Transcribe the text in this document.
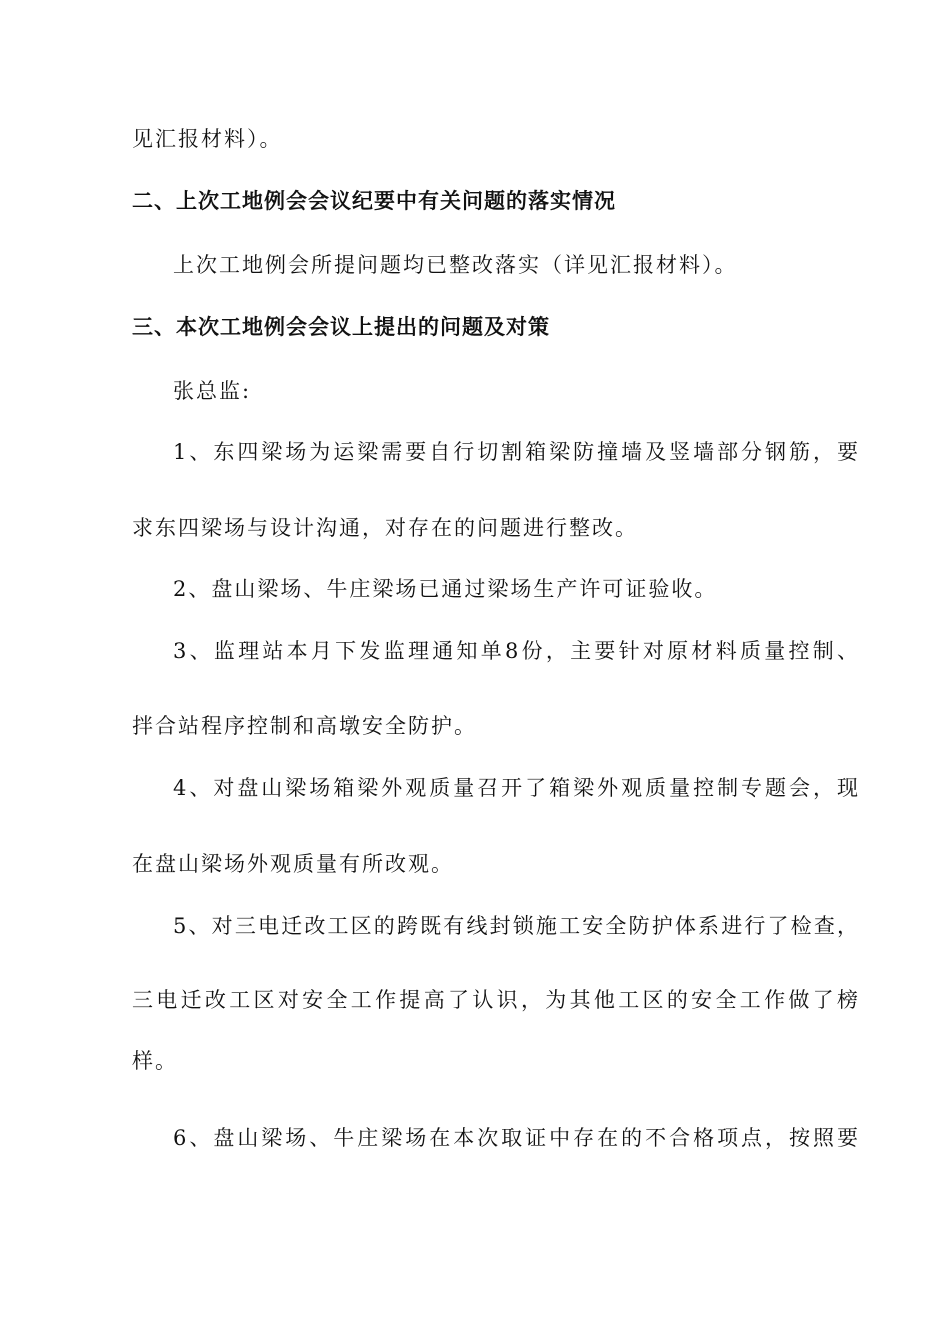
见汇报材料）。
二、上次工地例会会议纪要中有关问题的落实情况
上次工地例会所提问题均已整改落实（详见汇报材料）。
三、本次工地例会会议上提出的问题及对策
张总监:
1、东四梁场为运梁需要自行切割箱梁防撞墙及竖墙部分钢筋，要
求东四梁场与设计沟通，对存在的问题进行整改。
2、盘山梁场、牛庄梁场已通过梁场生产许可证验收。
3、监理站本月下发监理通知单8份，主要针对原材料质量控制、
拌合站程序控制和高墩安全防护。
4、对盘山梁场箱梁外观质量召开了箱梁外观质量控制专题会，现
在盘山梁场外观质量有所改观。
5、对三电迁改工区的跨既有线封锁施工安全防护体系进行了检查，
三电迁改工区对安全工作提高了认识，为其他工区的安全工作做了榜
样。
6、盘山梁场、牛庄梁场在本次取证中存在的不合格项点，按照要
